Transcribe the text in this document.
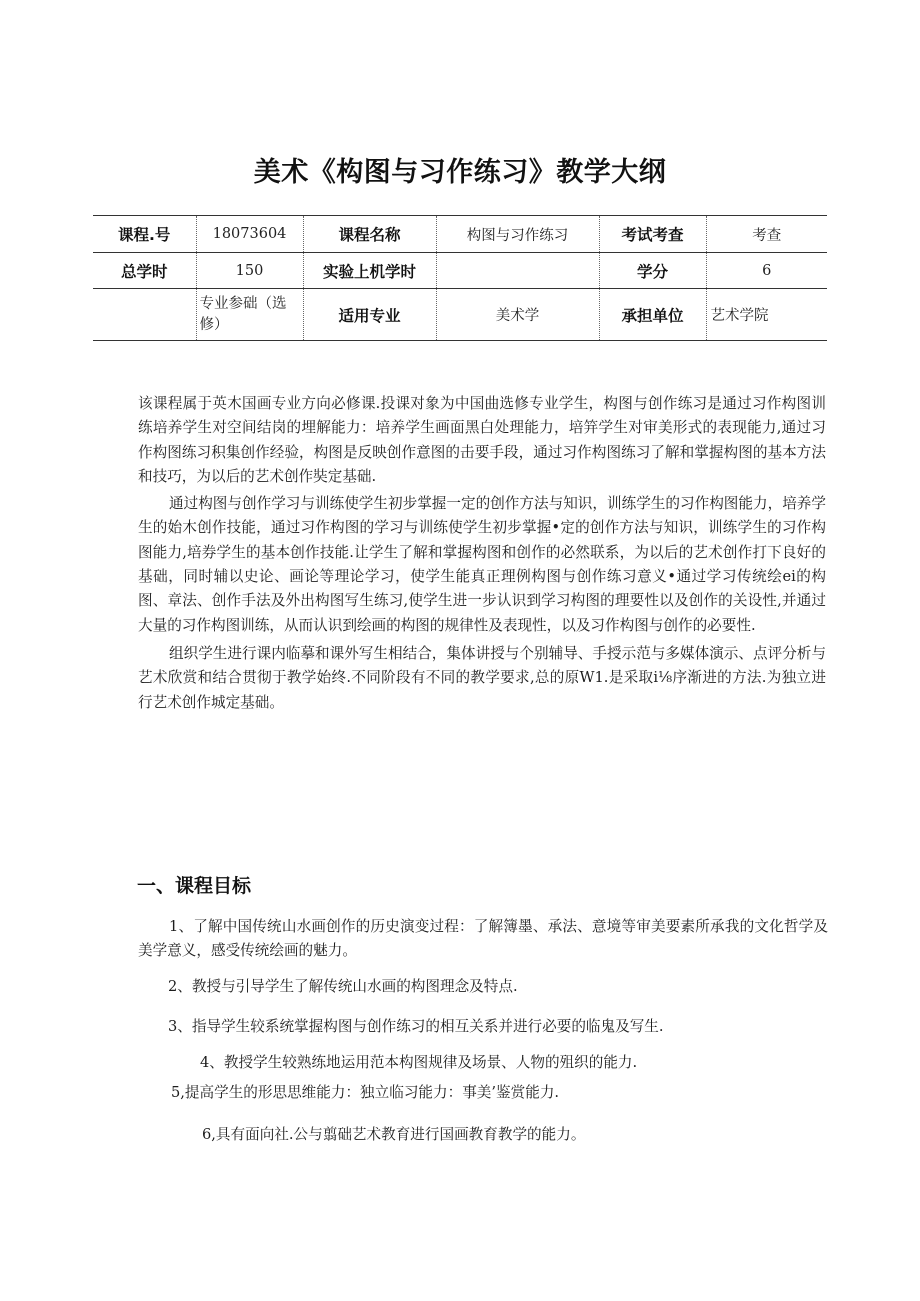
美术《构图与习作练习》教学大纲
课程.号	18073604	课程名称	构图与习作练习	考试考查	考查
总学时	150	实验上机学时		学分	6
	专业参础（选修）	适用专业	美术学	承担单位	艺术学院

该课程属于英木国画专业方向必修课.投课对象为中国曲选修专业学生，构图与创作练习是通过习作构图训练培养学生对空间结岗的埋解能力：培养学生画面黑白处理能力，培笄学生对审美形式的表现能力,通过习作构图练习积集创作经验，构图是反映创作意图的击要手段，通过习作构图练习了解和掌握构图的基本方法和技巧，为以后的艺术创作奘定基础.

通过构图与创作学习与训练使学生初步掌握一定的创作方法与知识，训练学生的习作构图能力，培养学生的始木创作技能，通过习作构图的学习与训练使学生初步掌握•定的创作方法与知识，训练学生的习作构图能力,培券学生的基本创作技能.让学生了解和掌握构图和创作的必然联系，为以后的艺术创作打下良好的基础，同时辅以史论、画论等理论学习，使学生能真正理例构图与创作练习意义•通过学习传统绘ei的构图、章法、创作手法及外出构图写生练习,使学生进一步认识到学习构图的理要性以及创作的关设性,并通过大量的习作构图训练，从而认识到绘画的构图的规律性及表现性，以及习作构图与创作的必要性.

组织学生进行课内临摹和课外写生相结合，集体讲授与个别辅导、手授示范与多媒体演示、点评分析与艺术欣赏和结合贯彻于教学始终.不同阶段有不同的教学要求,总的原W1.是采取i⅛序渐进的方法.为独立进行艺术创作城定基础。

一、课程目标
1、了解中国传统山水画创作的历史演变过程：了解簿墨、承法、意境等审美要素所承我的文化哲学及美学意义，感受传统绘画的魅力。
2、教授与引导学生了解传统山水画的构图理念及特点.
3、指导学生较系统掌握构图与创作练习的相互关系并进行必要的临鬼及写生.
4、教授学生较熟练地运用范本构图规律及场景、人物的殂织的能力.
5,提高学生的形思思维能力：独立临习能力：事美’鉴赏能力.
6,具有面向社.公与翦础艺术教育进行国画教育教学的能力。
